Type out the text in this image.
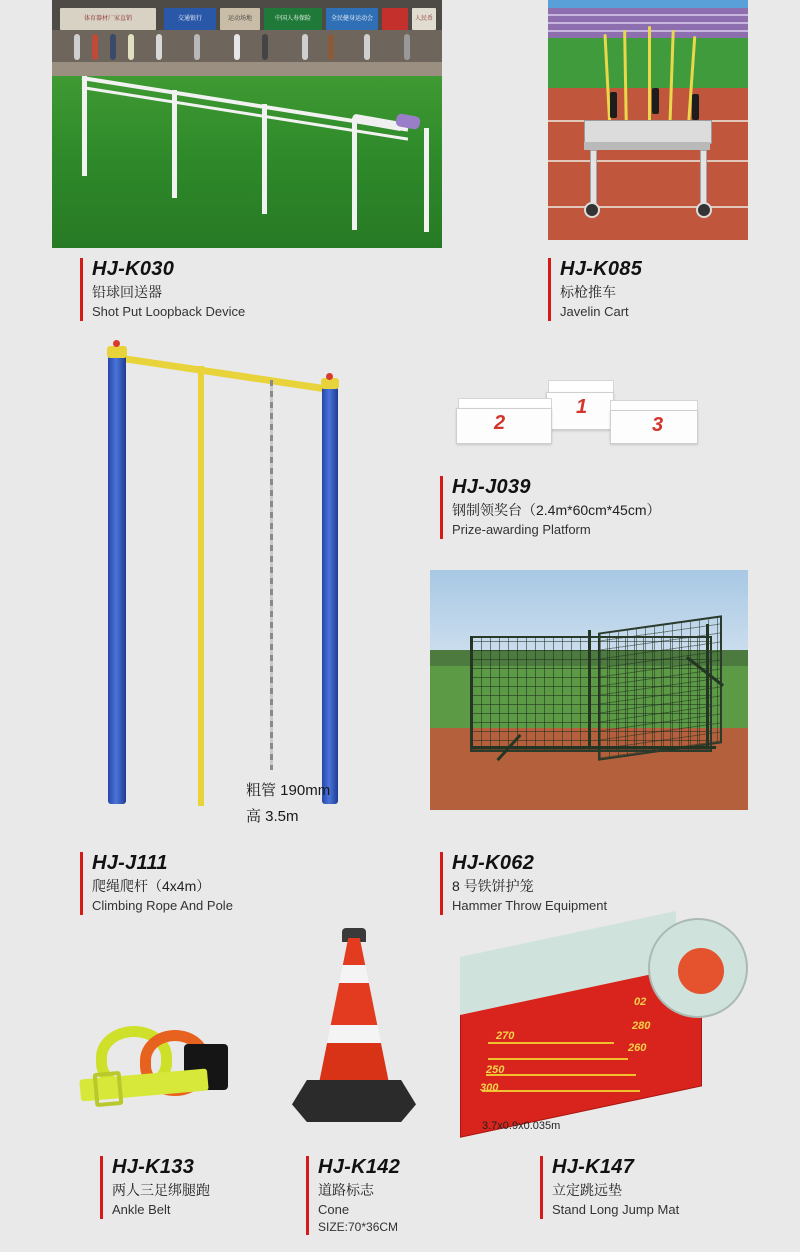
体育器材厂家直销	交通银行	运动场地	中国人寿保险	全民健身运动会	人民币
HJ-K030
铅球回送器
Shot Put Loopback Device
HJ-K085
标枪推车
Javelin Cart
2
1
3
HJ-J039
钢制领奖台（2.4m*60cm*45cm）
Prize-awarding Platform
粗管 190mm
高 3.5m
HJ-J111
爬绳爬杆（4x4m）
Climbing Rope And Pole
HJ-K062
8 号铁饼护笼
Hammer Throw Equipment
HJ-K133
两人三足绑腿跑
Ankle Belt
HJ-K142
道路标志
Cone
SIZE:70*36CM
300
250
260
280
270
02
3.7x0.9x0.035m
HJ-K147
立定跳远垫
Stand Long Jump Mat
